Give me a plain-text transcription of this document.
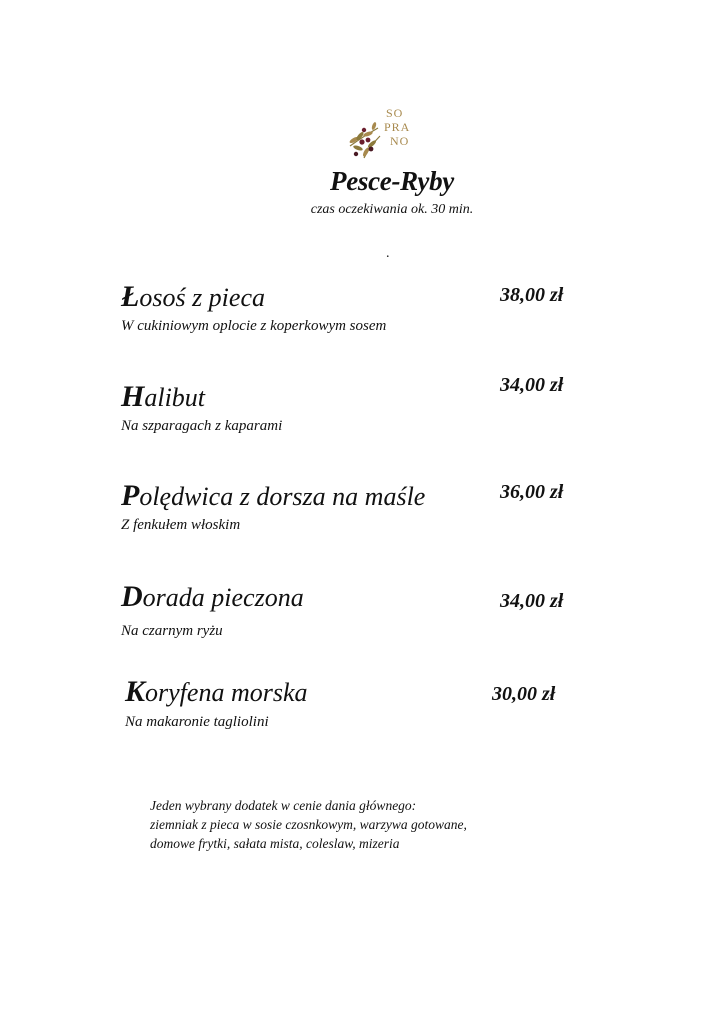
SO
PRA
NO
Pesce-Ryby
czas oczekiwania ok. 30 min.
.
Łosoś z pieca
W cukiniowym oplocie z koperkowym sosem
38,00 zł
Halibut
Na szparagach z kaparami
34,00 zł
Polędwica z dorsza na maśle
Z fenkułem włoskim
36,00 zł
Dorada pieczona
Na czarnym ryżu
34,00 zł
Koryfena morska
Na makaronie tagliolini
30,00 zł
Jeden wybrany dodatek w cenie dania głównego:
ziemniak z pieca w sosie czosnkowym, warzywa gotowane,
domowe frytki, sałata mista, coleslaw, mizeria
